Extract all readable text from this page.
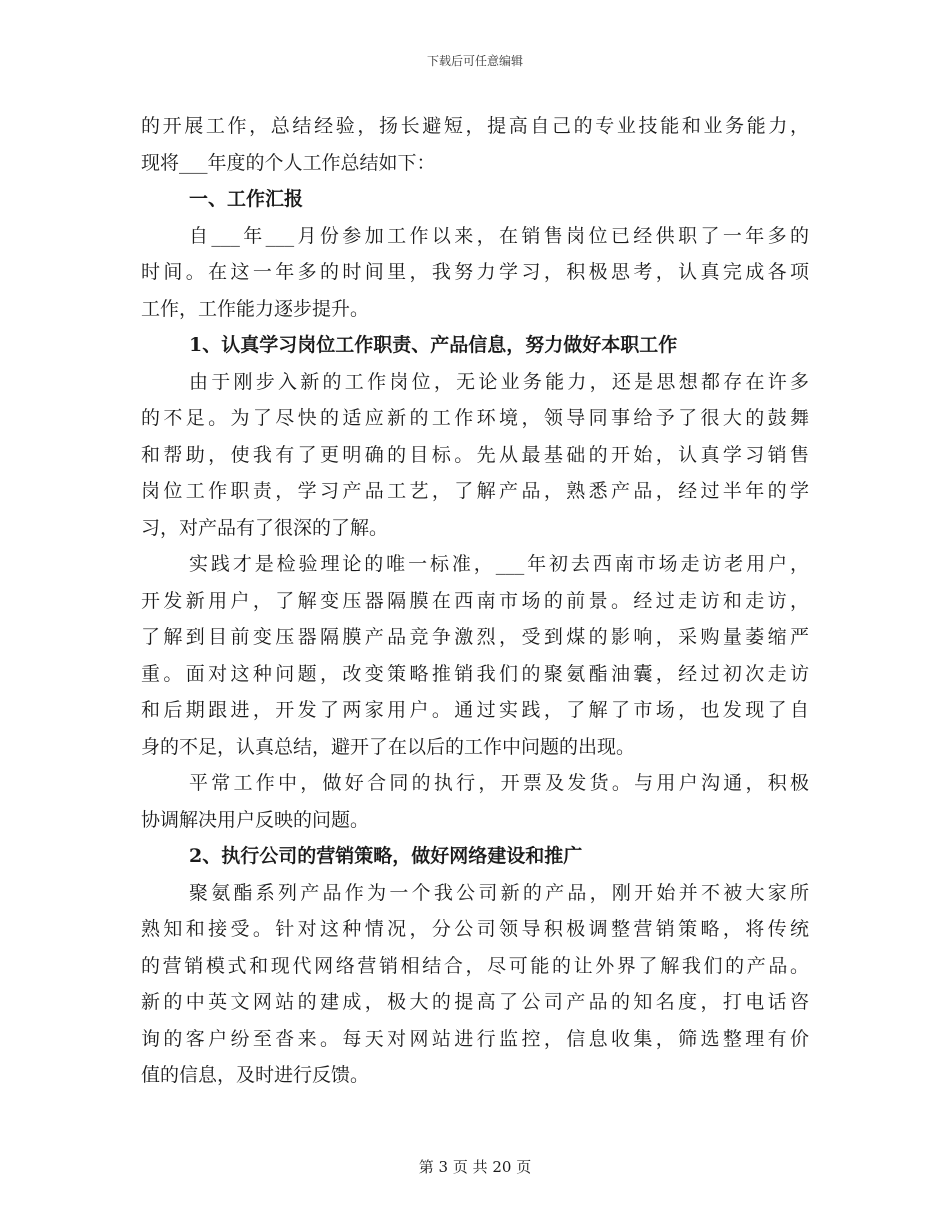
下载后可任意编辑
的开展工作，总结经验，扬长避短，提高自己的专业技能和业务能力，
现将___年度的个人工作总结如下：
一、工作汇报
自___年___月份参加工作以来，在销售岗位已经供职了一年多的
时间。在这一年多的时间里，我努力学习，积极思考，认真完成各项
工作，工作能力逐步提升。
1、认真学习岗位工作职责、产品信息，努力做好本职工作
由于刚步入新的工作岗位，无论业务能力，还是思想都存在许多
的不足。为了尽快的适应新的工作环境，领导同事给予了很大的鼓舞
和帮助，使我有了更明确的目标。先从最基础的开始，认真学习销售
岗位工作职责，学习产品工艺，了解产品，熟悉产品，经过半年的学
习，对产品有了很深的了解。
实践才是检验理论的唯一标准，___年初去西南市场走访老用户，
开发新用户，了解变压器隔膜在西南市场的前景。经过走访和走访，
了解到目前变压器隔膜产品竞争激烈，受到煤的影响，采购量萎缩严
重。面对这种问题，改变策略推销我们的聚氨酯油囊，经过初次走访
和后期跟进，开发了两家用户。通过实践，了解了市场，也发现了自
身的不足，认真总结，避开了在以后的工作中问题的出现。
平常工作中，做好合同的执行，开票及发货。与用户沟通，积极
协调解决用户反映的问题。
2、执行公司的营销策略，做好网络建设和推广
聚氨酯系列产品作为一个我公司新的产品，刚开始并不被大家所
熟知和接受。针对这种情况，分公司领导积极调整营销策略，将传统
的营销模式和现代网络营销相结合，尽可能的让外界了解我们的产品。
新的中英文网站的建成，极大的提高了公司产品的知名度，打电话咨
询的客户纷至沓来。每天对网站进行监控，信息收集，筛选整理有价
值的信息，及时进行反馈。
第 3 页 共 20 页
